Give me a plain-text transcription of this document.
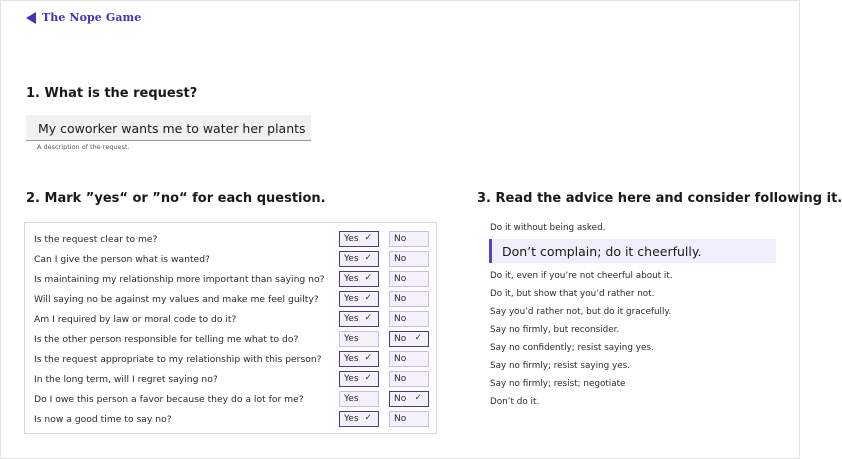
The Nope Game
1. What is the request?
My coworker wants me to water her plants
A description of the request.
2. Mark ”yes“ or ”no“ for each question.
Is the request clear to me?	Yes ✓ No
Can I give the person what is wanted?	Yes ✓ No
Is maintaining my relationship more important than saying no? Yes ✓ No
Will saying no be against my values and make me feel guilty?	Yes ✓ No
Am I required by law or moral code to do it?	Yes ✓ No
Is the other person responsible for telling me what to do?	Yes	No ✓
Is the request appropriate to my relationship with this person? Yes ✓ No
In the long term, will I regret saying no?	Yes ✓ No
Do I owe this person a favor because they do a lot for me?	Yes	No ✓
Is now a good time to say no?	Yes ✓ No
3. Read the advice here and consider following it.
Do it without being asked.
Don’t complain; do it cheerfully.
Do it, even if you’re not cheerful about it.
Do it, but show that you’d rather not.
Say you’d rather not, but do it gracefully.
Say no firmly, but reconsider.
Say no confidently; resist saying yes.
Say no firmly; resist saying yes.
Say no firmly; resist; negotiate
Don’t do it.
